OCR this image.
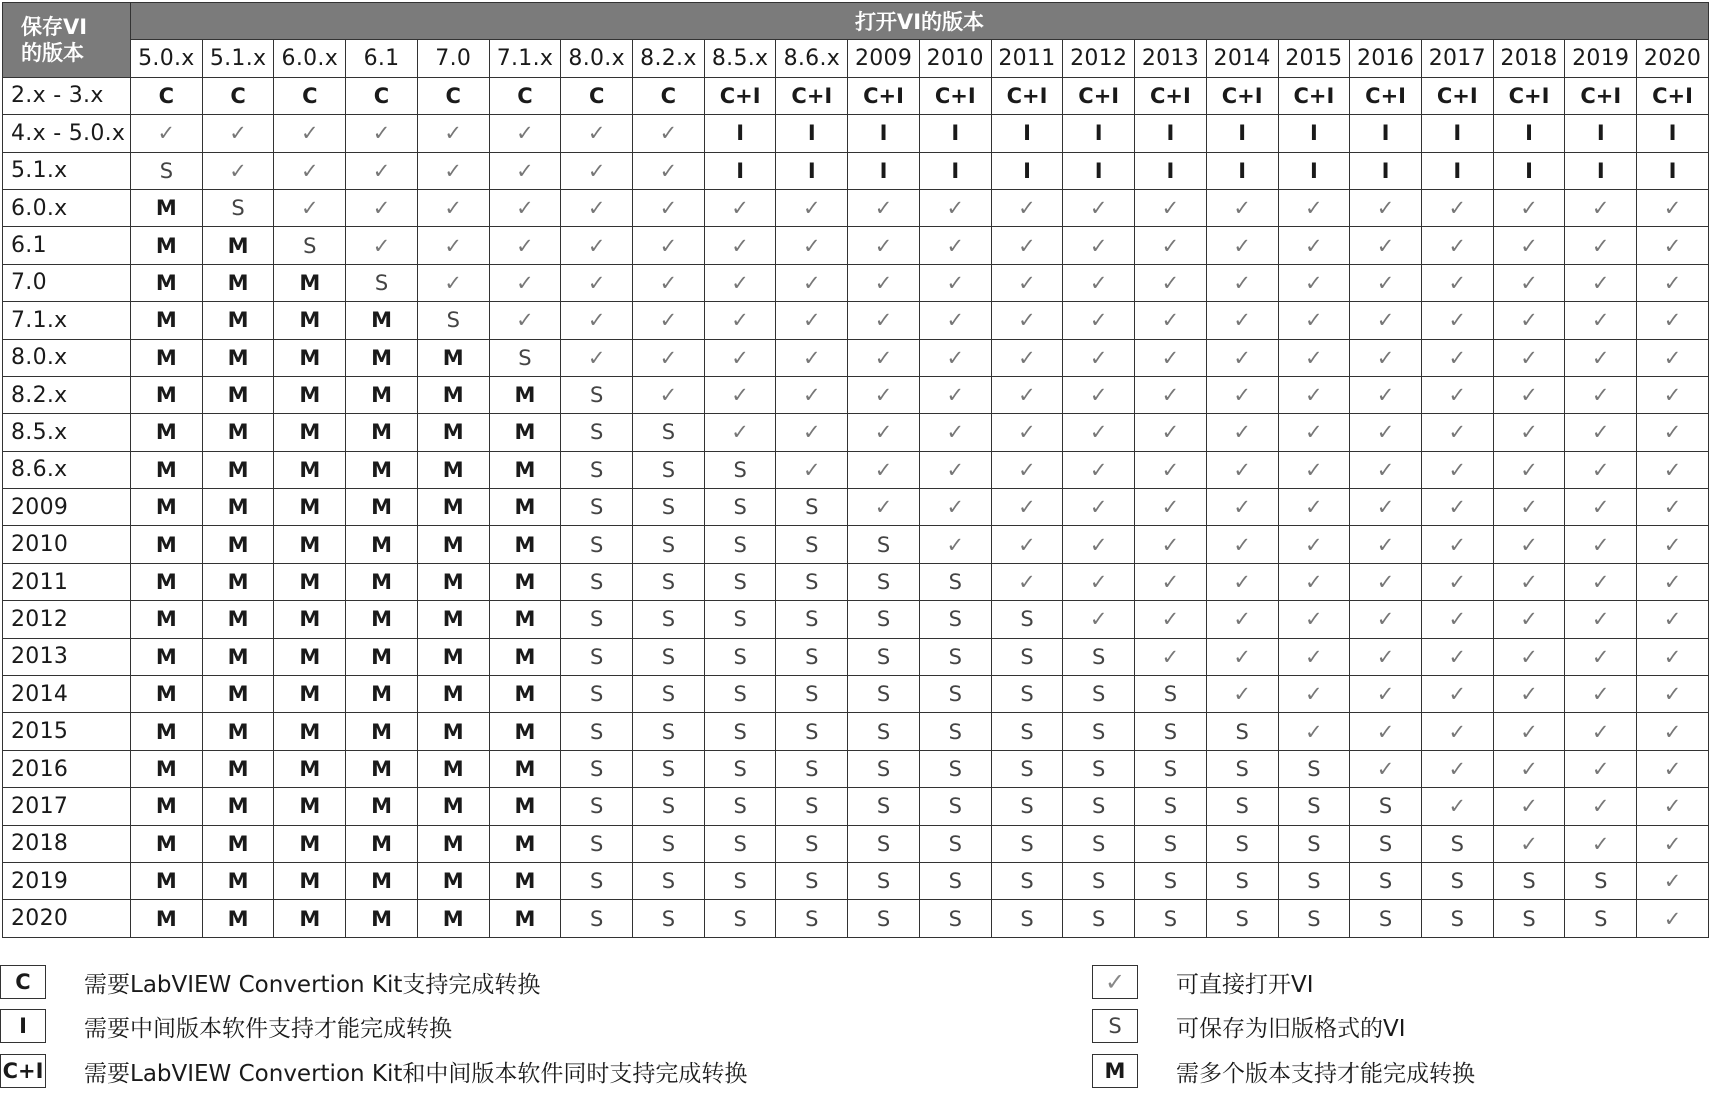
保存VI
的版本	打开VI的版本																					
	5.0.x	5.1.x	6.0.x	6.1	7.0	7.1.x	8.0.x	8.2.x	8.5.x	8.6.x	2009	2010	2011	2012	2013	2014	2015	2016	2017	2018	2019	2020
2.x - 3.x	C	C	C	C	C	C	C	C	C+I	C+I	C+I	C+I	C+I	C+I	C+I	C+I	C+I	C+I	C+I	C+I	C+I	C+I
4.x - 5.0.x	✓	✓	✓	✓	✓	✓	✓	✓	I	I	I	I	I	I	I	I	I	I	I	I	I	I
5.1.x	S	✓	✓	✓	✓	✓	✓	✓	I	I	I	I	I	I	I	I	I	I	I	I	I	I
6.0.x	M	S	✓	✓	✓	✓	✓	✓	✓	✓	✓	✓	✓	✓	✓	✓	✓	✓	✓	✓	✓	✓
6.1	M	M	S	✓	✓	✓	✓	✓	✓	✓	✓	✓	✓	✓	✓	✓	✓	✓	✓	✓	✓	✓
7.0	M	M	M	S	✓	✓	✓	✓	✓	✓	✓	✓	✓	✓	✓	✓	✓	✓	✓	✓	✓	✓
7.1.x	M	M	M	M	S	✓	✓	✓	✓	✓	✓	✓	✓	✓	✓	✓	✓	✓	✓	✓	✓	✓
8.0.x	M	M	M	M	M	S	✓	✓	✓	✓	✓	✓	✓	✓	✓	✓	✓	✓	✓	✓	✓	✓
8.2.x	M	M	M	M	M	M	S	✓	✓	✓	✓	✓	✓	✓	✓	✓	✓	✓	✓	✓	✓	✓
8.5.x	M	M	M	M	M	M	S	S	✓	✓	✓	✓	✓	✓	✓	✓	✓	✓	✓	✓	✓	✓
8.6.x	M	M	M	M	M	M	S	S	S	✓	✓	✓	✓	✓	✓	✓	✓	✓	✓	✓	✓	✓
2009	M	M	M	M	M	M	S	S	S	S	✓	✓	✓	✓	✓	✓	✓	✓	✓	✓	✓	✓
2010	M	M	M	M	M	M	S	S	S	S	S	✓	✓	✓	✓	✓	✓	✓	✓	✓	✓	✓
2011	M	M	M	M	M	M	S	S	S	S	S	S	✓	✓	✓	✓	✓	✓	✓	✓	✓	✓
2012	M	M	M	M	M	M	S	S	S	S	S	S	S	✓	✓	✓	✓	✓	✓	✓	✓	✓
2013	M	M	M	M	M	M	S	S	S	S	S	S	S	S	✓	✓	✓	✓	✓	✓	✓	✓
2014	M	M	M	M	M	M	S	S	S	S	S	S	S	S	S	✓	✓	✓	✓	✓	✓	✓
2015	M	M	M	M	M	M	S	S	S	S	S	S	S	S	S	S	✓	✓	✓	✓	✓	✓
2016	M	M	M	M	M	M	S	S	S	S	S	S	S	S	S	S	S	✓	✓	✓	✓	✓
2017	M	M	M	M	M	M	S	S	S	S	S	S	S	S	S	S	S	S	✓	✓	✓	✓
2018	M	M	M	M	M	M	S	S	S	S	S	S	S	S	S	S	S	S	S	✓	✓	✓
2019	M	M	M	M	M	M	S	S	S	S	S	S	S	S	S	S	S	S	S	S	S	✓
2020	M	M	M	M	M	M	S	S	S	S	S	S	S	S	S	S	S	S	S	S	S	✓
C	需要LabVIEW Convertion Kit支持完成转换
I	需要中间版本软件支持才能完成转换
C+I 需要LabVIEW Convertion Kit和中间版本软件同时支持完成转换
✓	可直接打开VI
S	可保存为旧版格式的VI
M	需多个版本支持才能完成转换
